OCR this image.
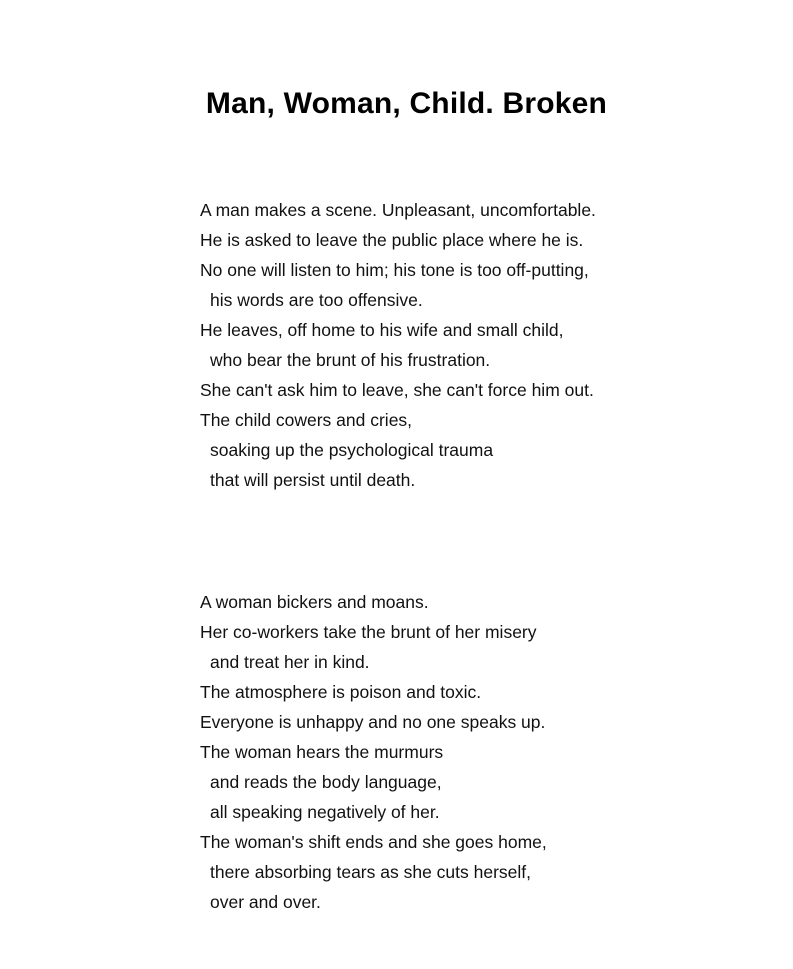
Man, Woman, Child. Broken
A man makes a scene. Unpleasant, uncomfortable.
He is asked to leave the public place where he is.
No one will listen to him; his tone is too off-putting,
his words are too offensive.
He leaves, off home to his wife and small child,
who bear the brunt of his frustration.
She can't ask him to leave, she can't force him out.
The child cowers and cries,
soaking up the psychological trauma
that will persist until death.
A woman bickers and moans.
Her co-workers take the brunt of her misery
and treat her in kind.
The atmosphere is poison and toxic.
Everyone is unhappy and no one speaks up.
The woman hears the murmurs
and reads the body language,
all speaking negatively of her.
The woman's shift ends and she goes home,
there absorbing tears as she cuts herself,
over and over.
